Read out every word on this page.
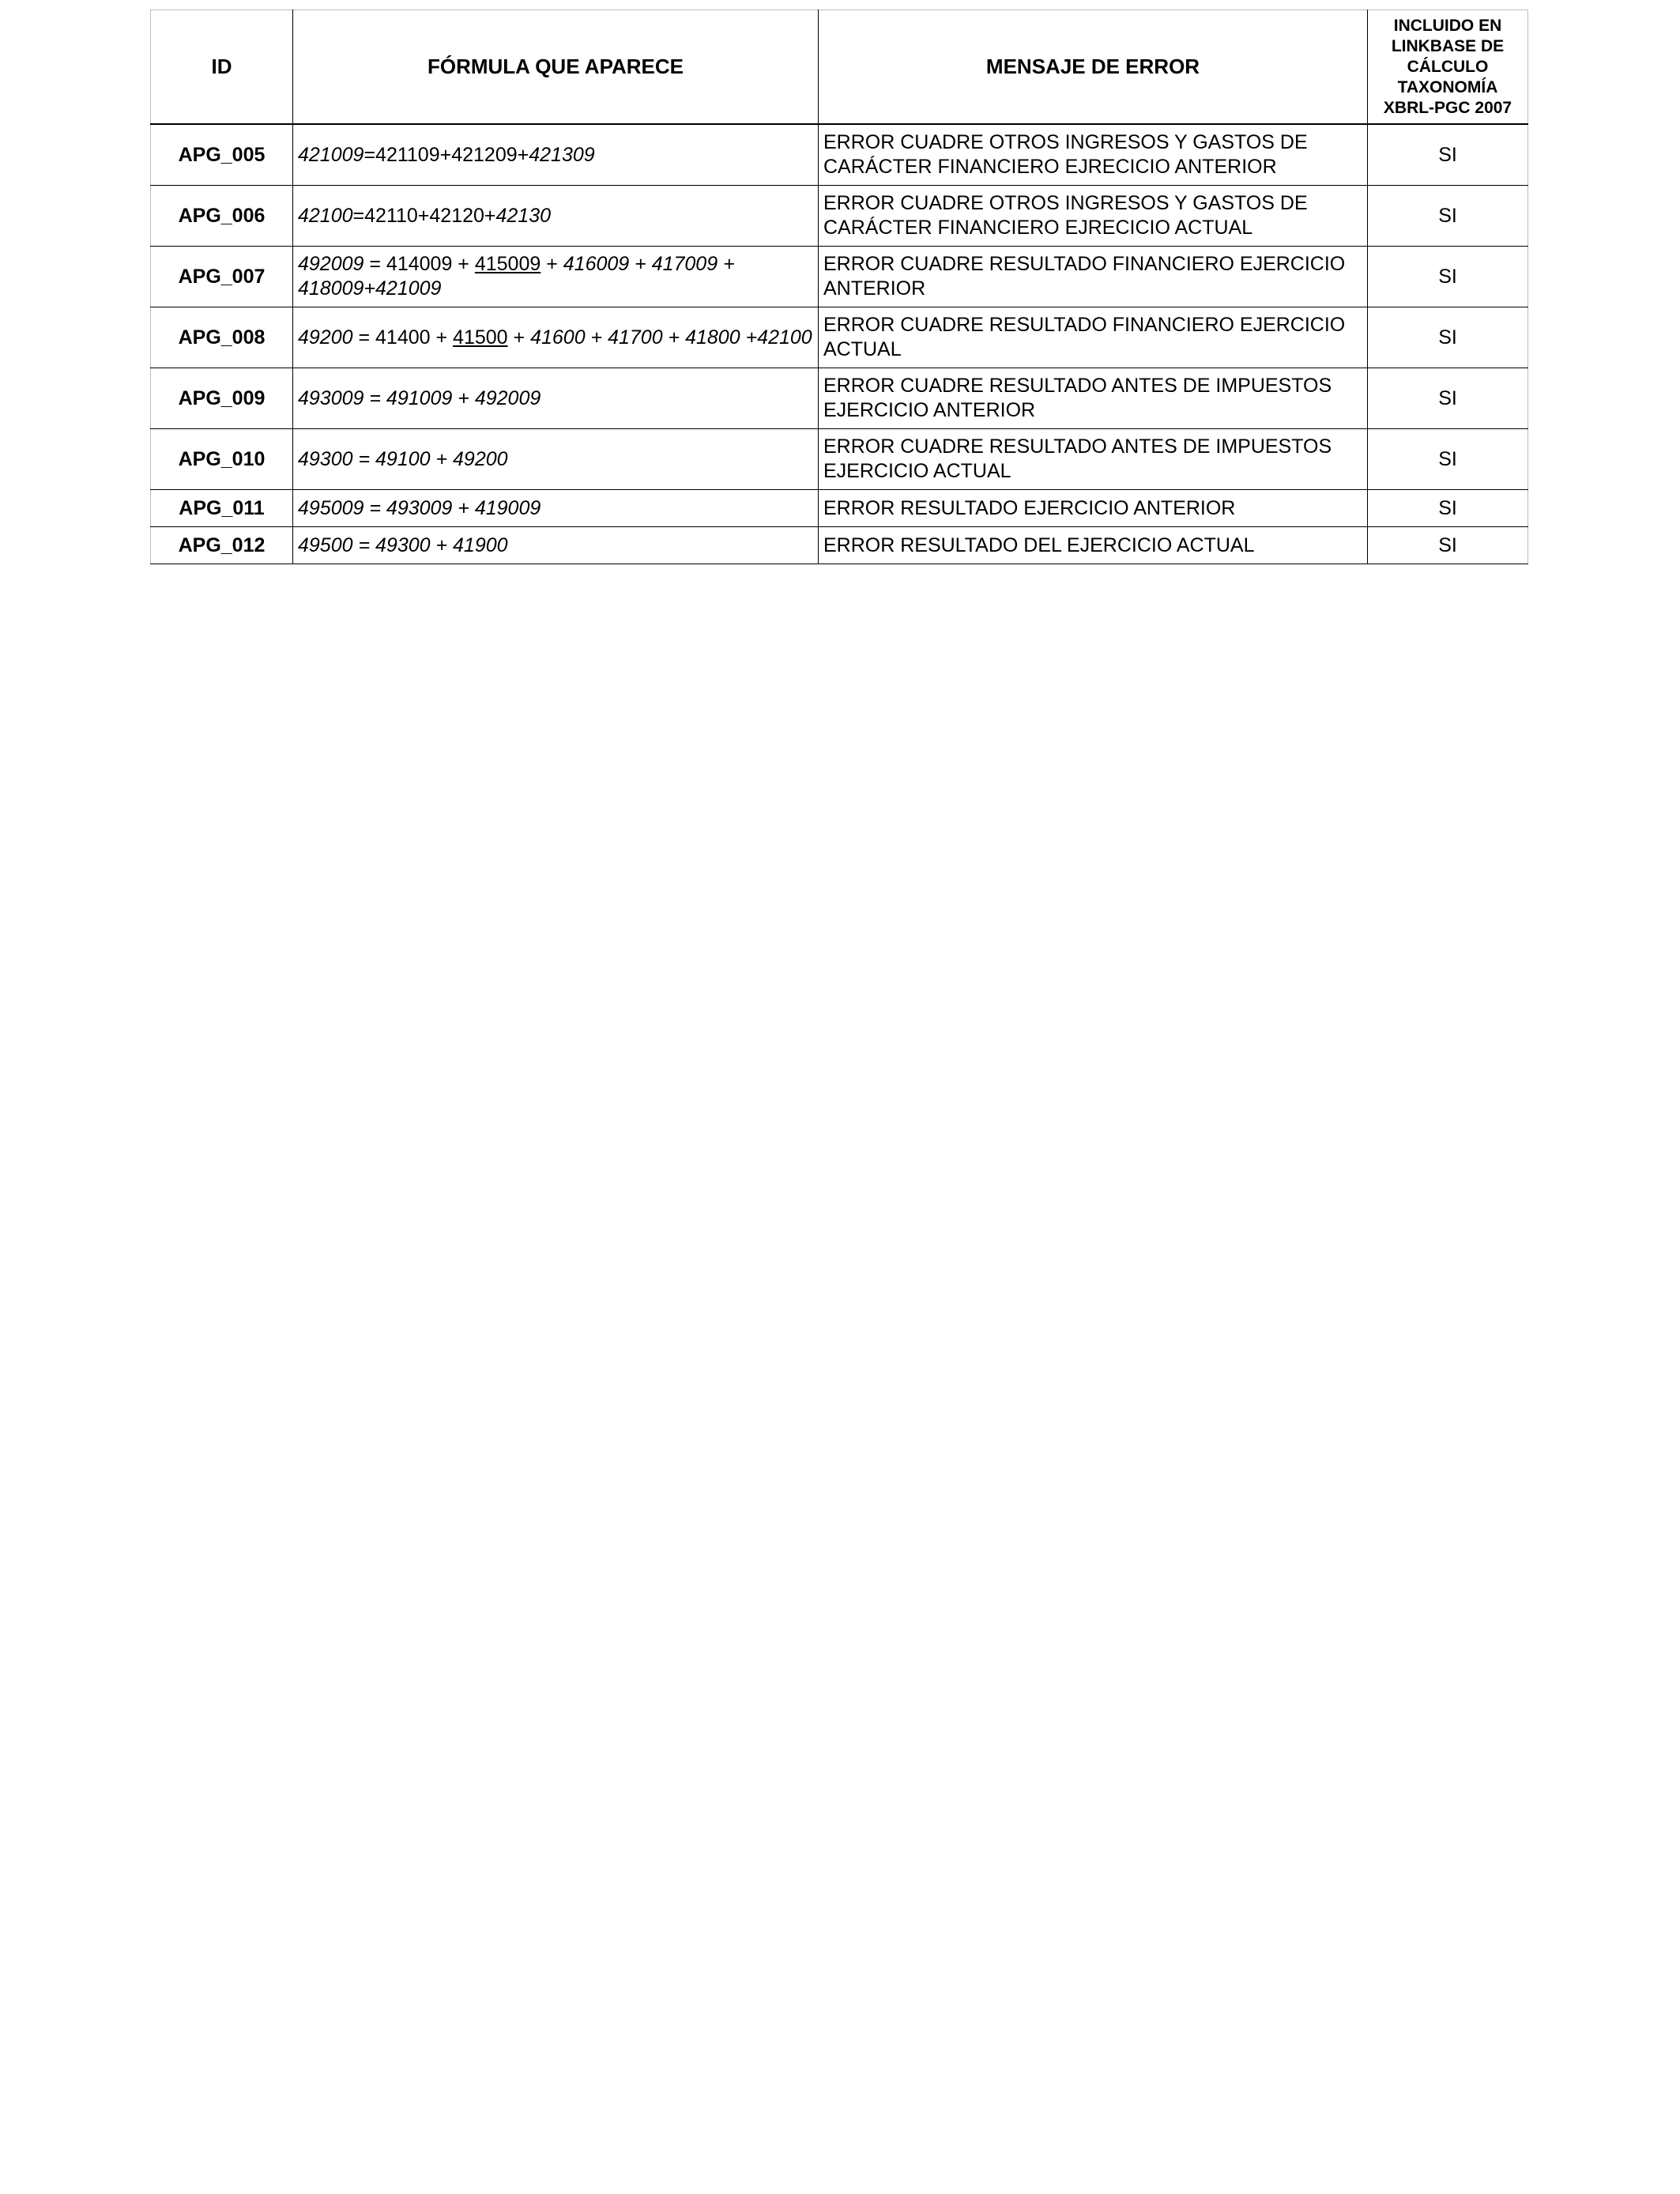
ID	FÓRMULA QUE APARECE	MENSAJE DE ERROR	INCLUIDO EN
LINKBASE DE
CÁLCULO
TAXONOMÍA
XBRL-PGC 2007

APG_005	421009=421109+421209+421309	ERROR CUADRE OTROS INGRESOS Y GASTOS DE CARÁCTER FINANCIERO EJRECICIO ANTERIOR	SI
APG_006	42100=42110+42120+42130	ERROR CUADRE OTROS INGRESOS Y GASTOS DE CARÁCTER FINANCIERO EJRECICIO ACTUAL	SI
APG_007	492009 = 414009 + 415009 + 416009 + 417009 + 418009+421009	ERROR CUADRE RESULTADO FINANCIERO EJERCICIO ANTERIOR	SI
APG_008	49200 = 41400 + 41500 + 41600 + 41700 + 41800 +42100	ERROR CUADRE RESULTADO FINANCIERO EJERCICIO ACTUAL	SI
APG_009	493009 = 491009 + 492009	ERROR CUADRE RESULTADO ANTES DE IMPUESTOS EJERCICIO ANTERIOR	SI
APG_010	49300 = 49100 + 49200	ERROR CUADRE RESULTADO ANTES DE IMPUESTOS EJERCICIO ACTUAL	SI
APG_011	495009 = 493009 + 419009	ERROR RESULTADO EJERCICIO ANTERIOR	SI
APG_012	49500 = 49300 + 41900	ERROR RESULTADO DEL EJERCICIO ACTUAL	SI
